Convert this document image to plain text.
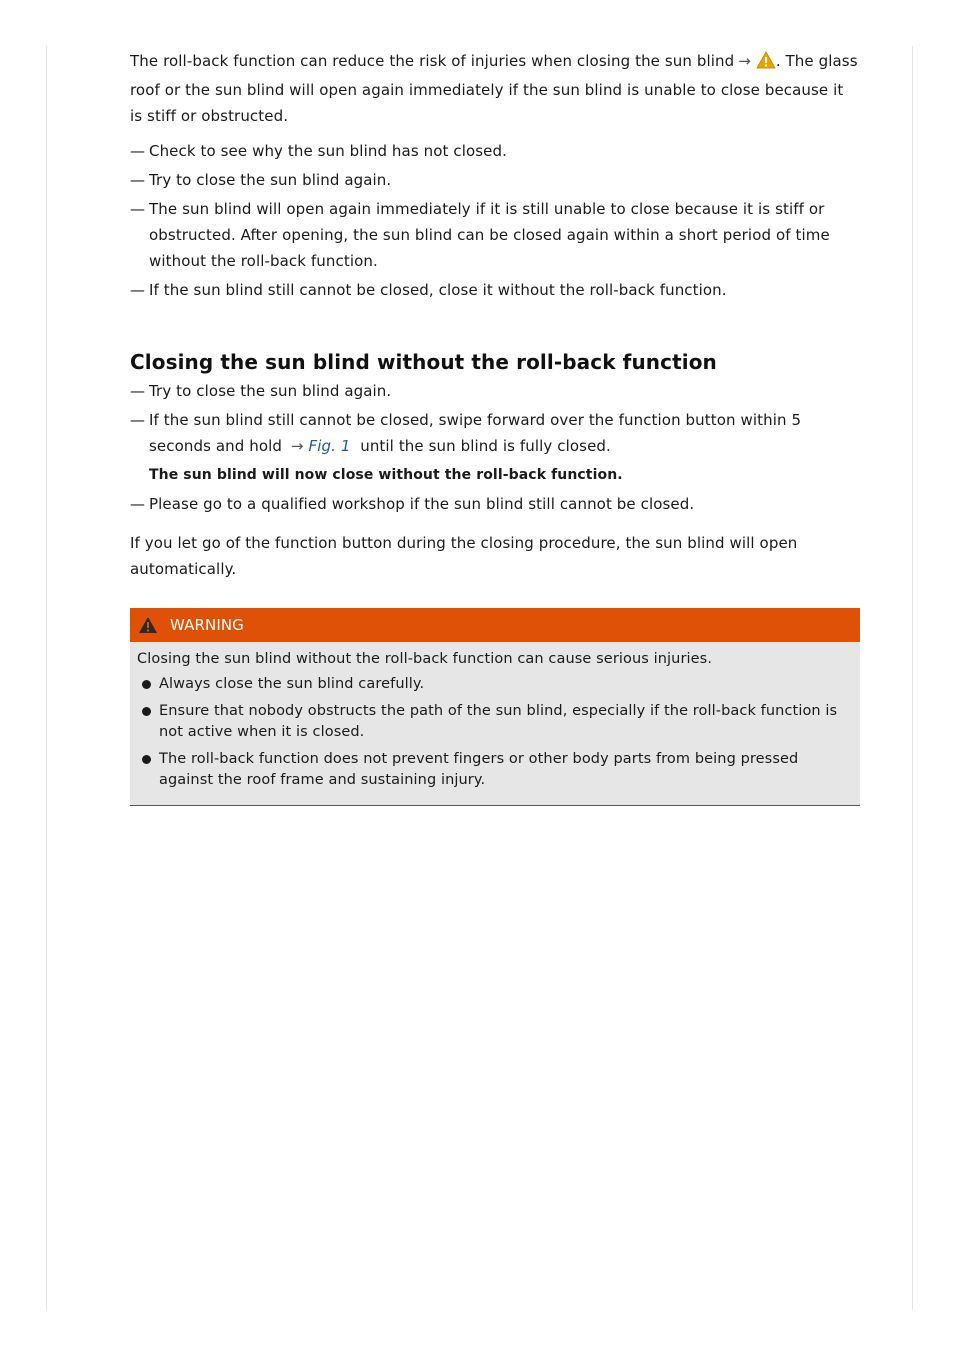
The roll-back function can reduce the risk of injuries when closing the sun blind → . The glass roof or the sun blind will open again immediately if the sun blind is unable to close because it is stiff or obstructed.

— Check to see why the sun blind has not closed.
— Try to close the sun blind again.
— The sun blind will open again immediately if it is still unable to close because it is stiff or obstructed. After opening, the sun blind can be closed again within a short period of time without the roll-back function.
— If the sun blind still cannot be closed, close it without the roll-back function.
Closing the sun blind without the roll-back function
— Try to close the sun blind again.
— If the sun blind still cannot be closed, swipe forward over the function button within 5 seconds and hold → Fig. 1 until the sun blind is fully closed.
The sun blind will now close without the roll-back function.
— Please go to a qualified workshop if the sun blind still cannot be closed.

If you let go of the function button during the closing procedure, the sun blind will open automatically.

WARNING
Closing the sun blind without the roll-back function can cause serious injuries.
Always close the sun blind carefully.
Ensure that nobody obstructs the path of the sun blind, especially if the roll-back function is not active when it is closed.
The roll-back function does not prevent fingers or other body parts from being pressed against the roof frame and sustaining injury.
